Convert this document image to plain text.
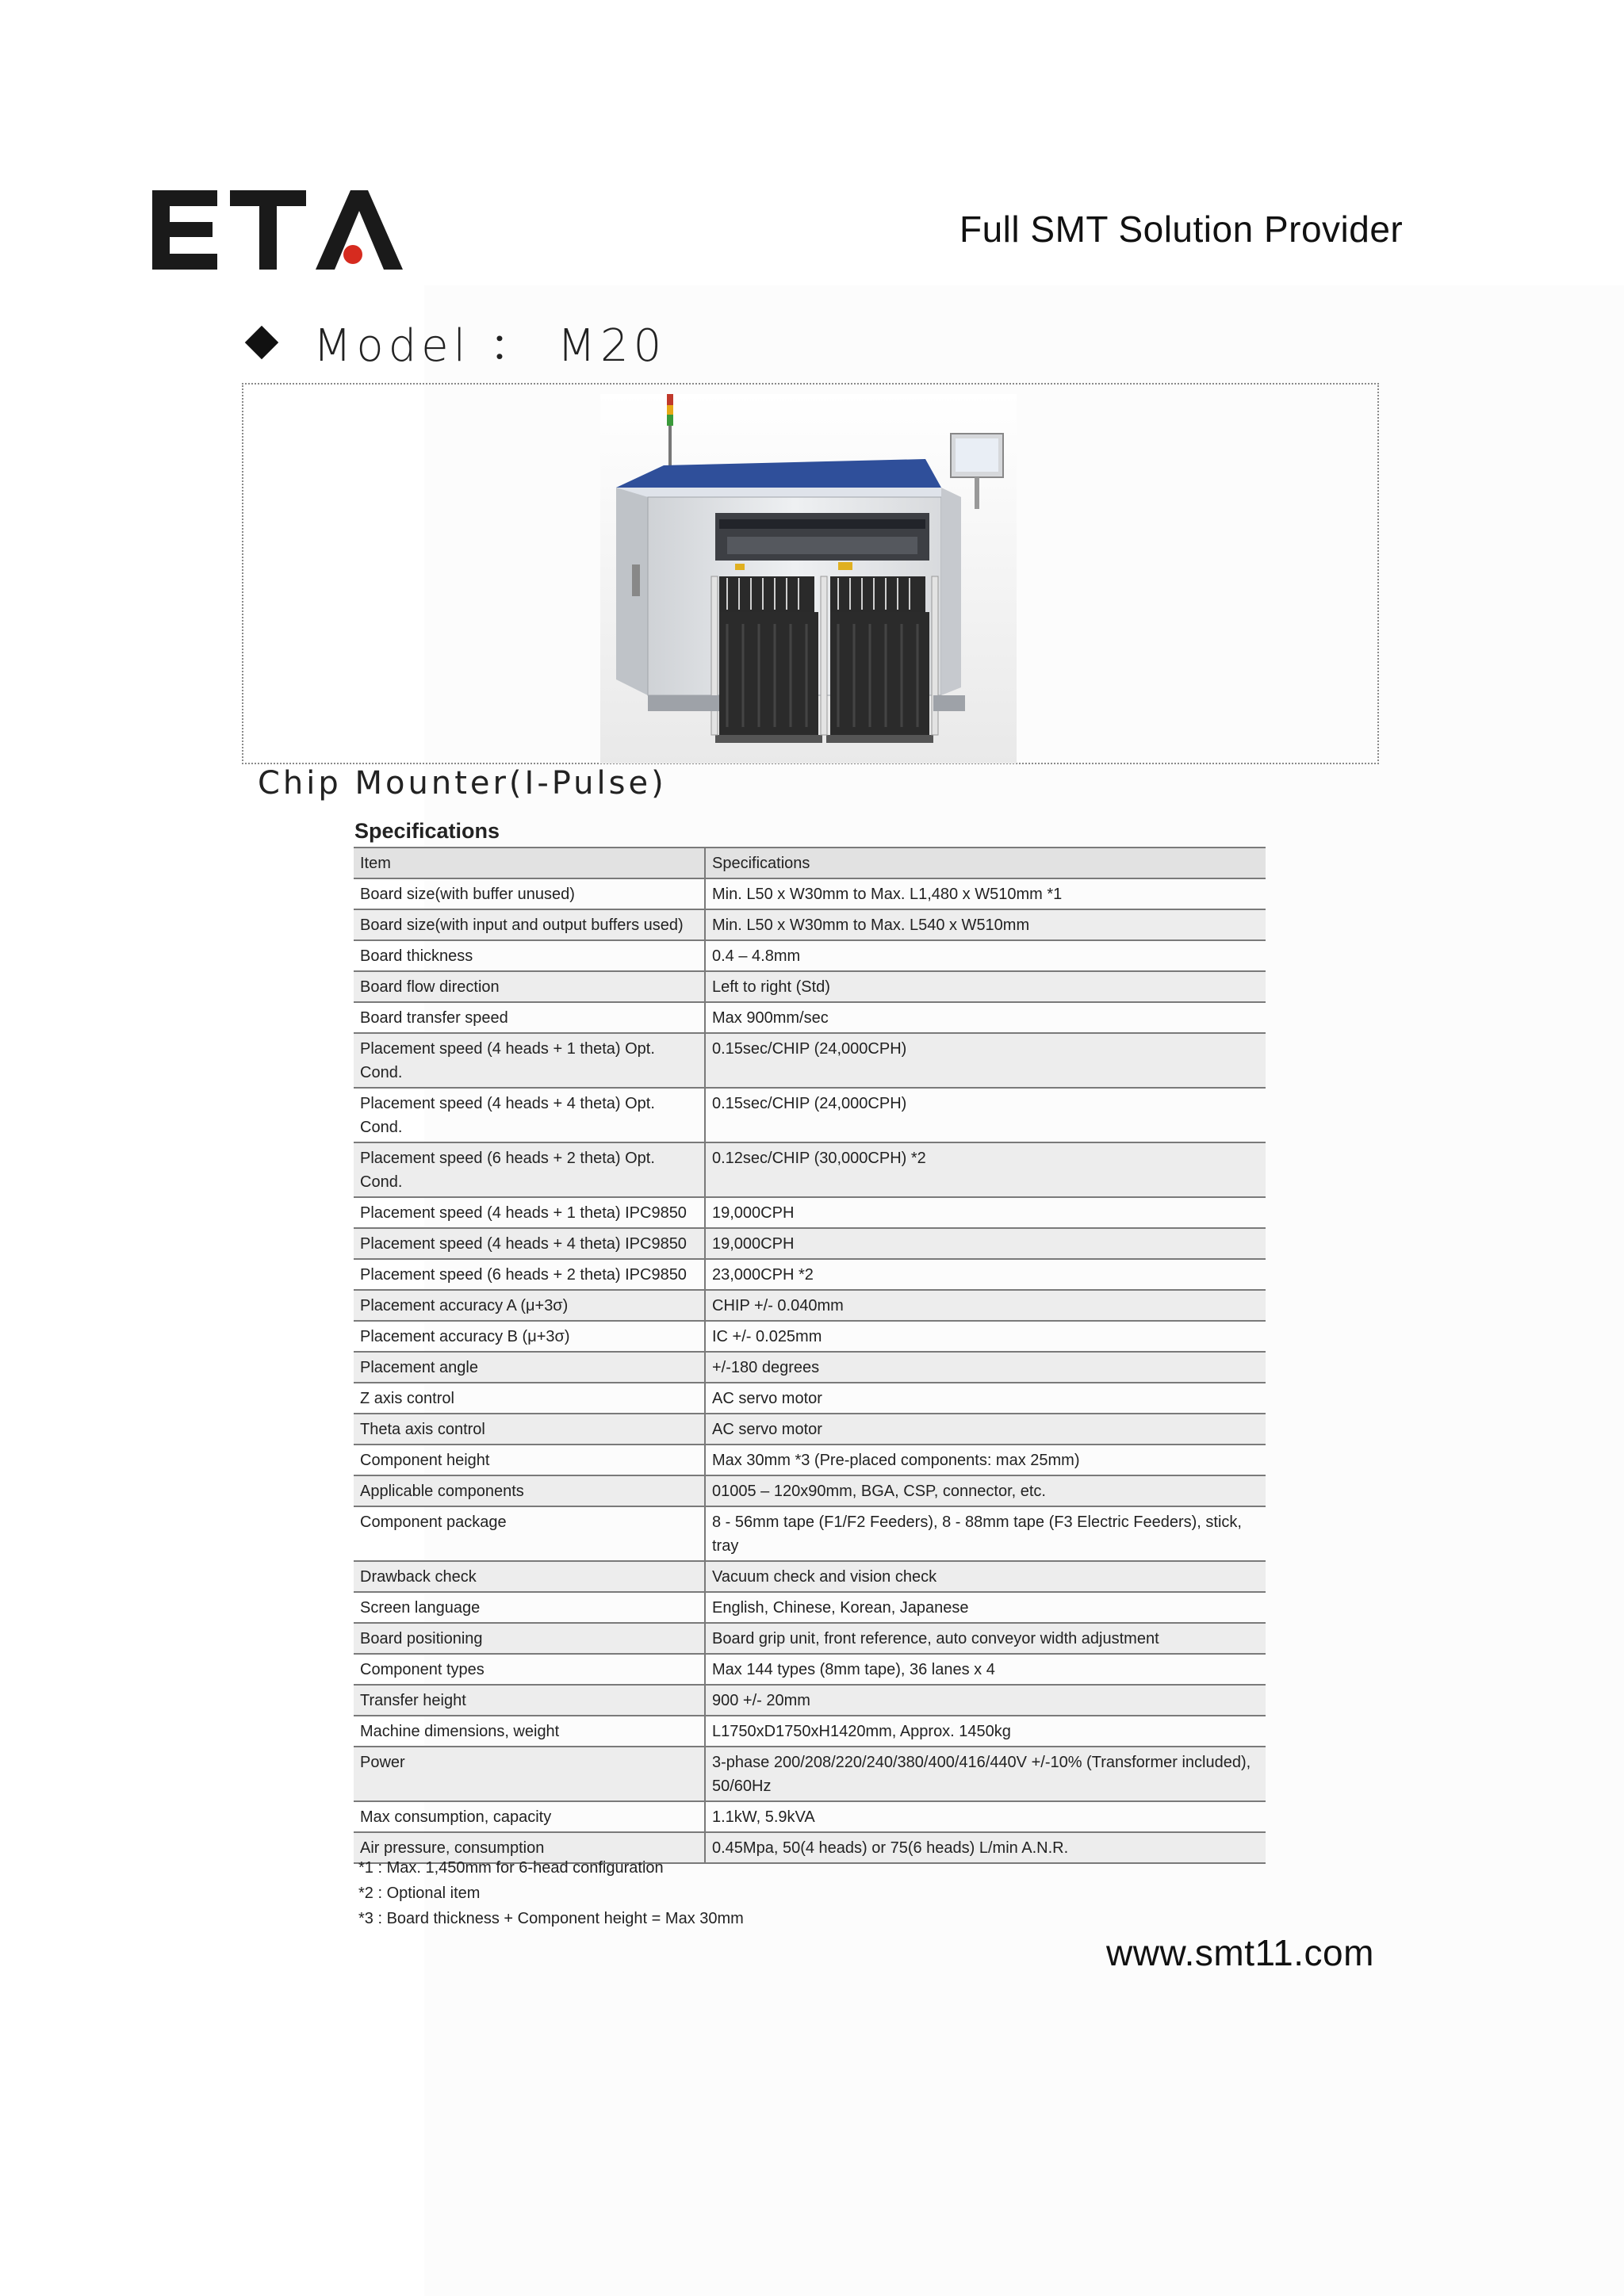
Full SMT Solution Provider
Model ： M20
Chip Mounter(I-Pulse)
Specifications
Item	Specifications
Board size(with buffer unused)	Min. L50 x W30mm to Max. L1,480 x W510mm *1
Board size(with input and output buffers used)	Min. L50 x W30mm to Max. L540 x W510mm
Board thickness	0.4 – 4.8mm
Board flow direction	Left to right (Std)
Board transfer speed	Max 900mm/sec
Placement speed (4 heads + 1 theta) Opt. Cond.	0.15sec/CHIP (24,000CPH)
Placement speed (4 heads + 4 theta) Opt. Cond.	0.15sec/CHIP (24,000CPH)
Placement speed (6 heads + 2 theta) Opt. Cond.	0.12sec/CHIP (30,000CPH) *2
Placement speed (4 heads + 1 theta) IPC9850	19,000CPH
Placement speed (4 heads + 4 theta) IPC9850	19,000CPH
Placement speed (6 heads + 2 theta) IPC9850	23,000CPH *2
Placement accuracy A (μ+3σ)	CHIP +/- 0.040mm
Placement accuracy B (μ+3σ)	IC +/- 0.025mm
Placement angle	+/-180 degrees
Z axis control	AC servo motor
Theta axis control	AC servo motor
Component height	Max 30mm *3 (Pre-placed components: max 25mm)
Applicable components	01005 – 120x90mm, BGA, CSP, connector, etc.
Component package	8 - 56mm tape (F1/F2 Feeders), 8 - 88mm tape (F3 Electric Feeders), stick, tray
Drawback check	Vacuum check and vision check
Screen language	English, Chinese, Korean, Japanese
Board positioning	Board grip unit, front reference, auto conveyor width adjustment
Component types	Max 144 types (8mm tape), 36 lanes x 4
Transfer height	900 +/- 20mm
Machine dimensions, weight	L1750xD1750xH1420mm, Approx. 1450kg
Power	3-phase 200/208/220/240/380/400/416/440V +/-10% (Transformer included), 50/60Hz
Max consumption, capacity	1.1kW, 5.9kVA
Air pressure, consumption	0.45Mpa, 50(4 heads) or 75(6 heads) L/min A.N.R.
*1 : Max. 1,450mm for 6-head configuration
*2 : Optional item
*3 : Board thickness + Component height = Max 30mm
www.smt11.com
